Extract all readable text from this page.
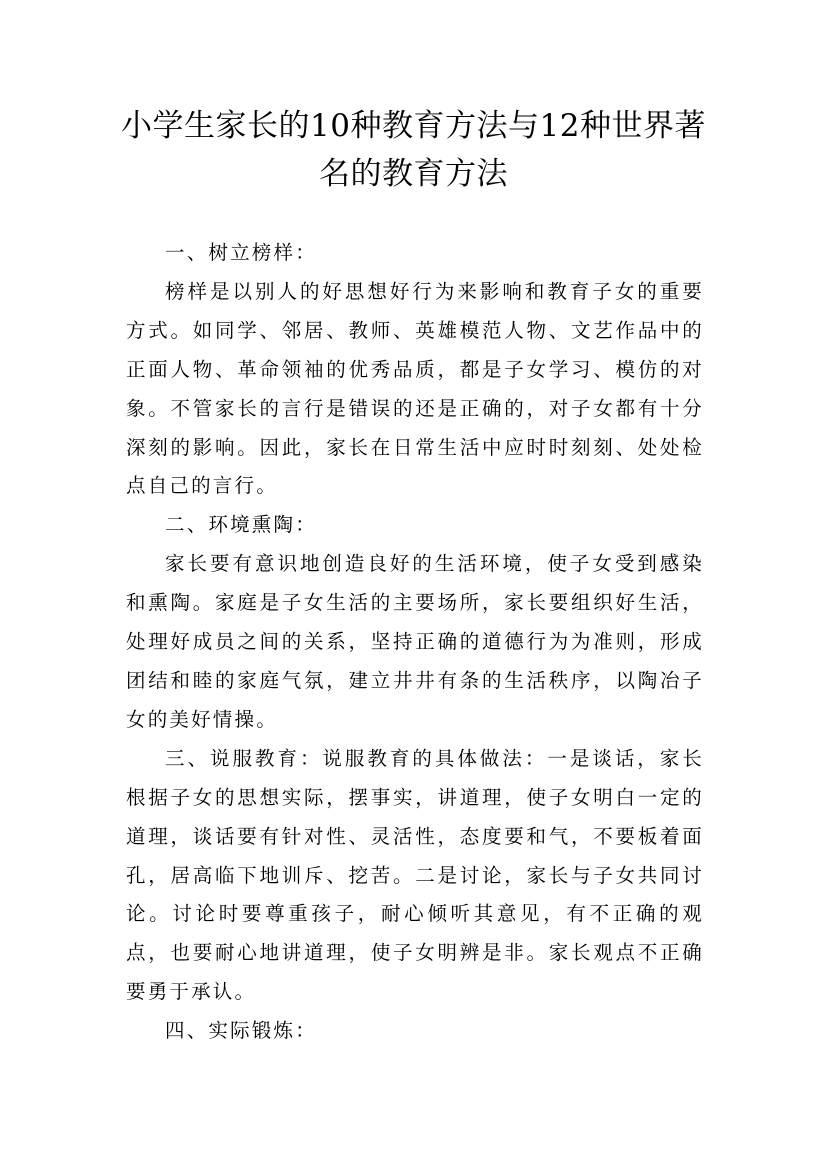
小学生家长的10种教育方法与12种世界著
名的教育方法

一、树立榜样：

榜样是以别人的好思想好行为来影响和教育子女的重要方式。如同学、邻居、教师、英雄模范人物、文艺作品中的正面人物、革命领袖的优秀品质，都是子女学习、模仿的对象。不管家长的言行是错误的还是正确的，对子女都有十分深刻的影响。因此，家长在日常生活中应时时刻刻、处处检点自己的言行。

二、环境熏陶：

家长要有意识地创造良好的生活环境，使子女受到感染和熏陶。家庭是子女生活的主要场所，家长要组织好生活，处理好成员之间的关系，坚持正确的道德行为为准则，形成团结和睦的家庭气氛，建立井井有条的生活秩序，以陶冶子女的美好情操。

三、说服教育：说服教育的具体做法：一是谈话，家长根据子女的思想实际，摆事实，讲道理，使子女明白一定的道理，谈话要有针对性、灵活性，态度要和气，不要板着面孔，居高临下地训斥、挖苦。二是讨论，家长与子女共同讨论。讨论时要尊重孩子，耐心倾听其意见，有不正确的观点，也要耐心地讲道理，使子女明辨是非。家长观点不正确要勇于承认。

四、实际锻炼：
